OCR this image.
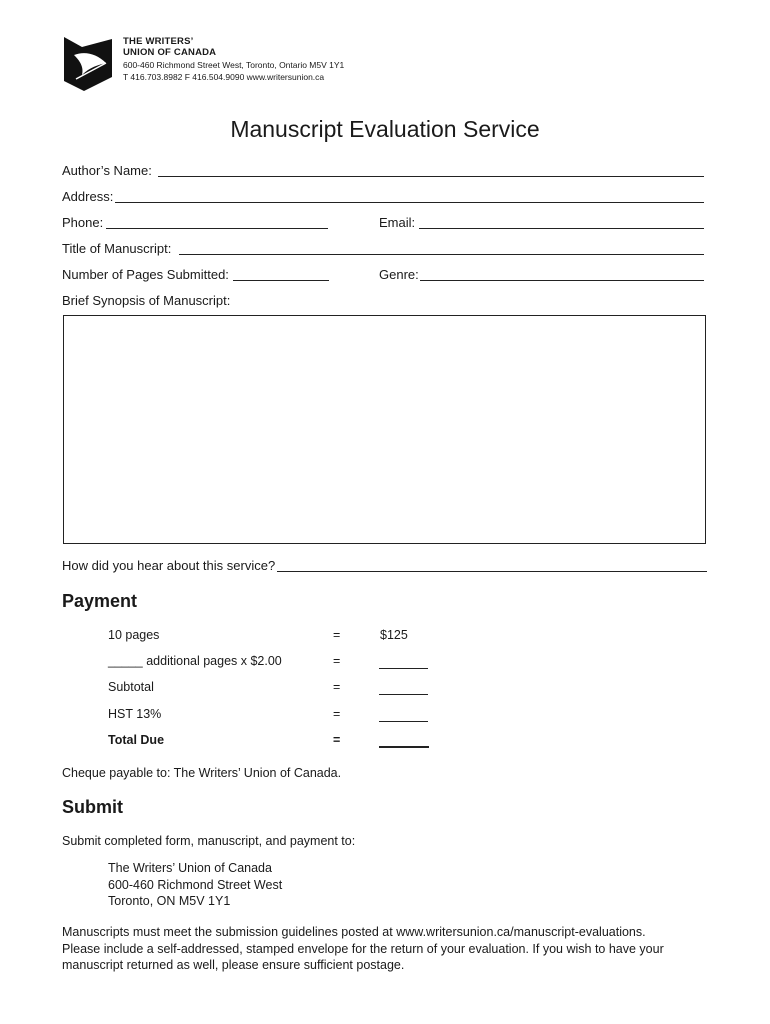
THE WRITERS’
UNION OF CANADA
600-460 Richmond Street West, Toronto, Ontario M5V 1Y1
T 416.703.8982 F 416.504.9090 www.writersunion.ca
Manuscript Evaluation Service
Author’s Name:
Address:
Phone:	Email:
Title of Manuscript:
Number of Pages Submitted:	Genre:
Brief Synopsis of Manuscript:
How did you hear about this service?
Payment
10 pages	=	$125
_____ additional pages x $2.00	=
Subtotal	=
HST 13%	=
Total Due	=
Cheque payable to: The Writers’ Union of Canada.
Submit
Submit completed form, manuscript, and payment to:
The Writers’ Union of Canada
600-460 Richmond Street West
Toronto, ON M5V 1Y1
Manuscripts must meet the submission guidelines posted at www.writersunion.ca/manuscript-evaluations.
Please include a self-addressed, stamped envelope for the return of your evaluation. If you wish to have your
manuscript returned as well, please ensure sufficient postage.
